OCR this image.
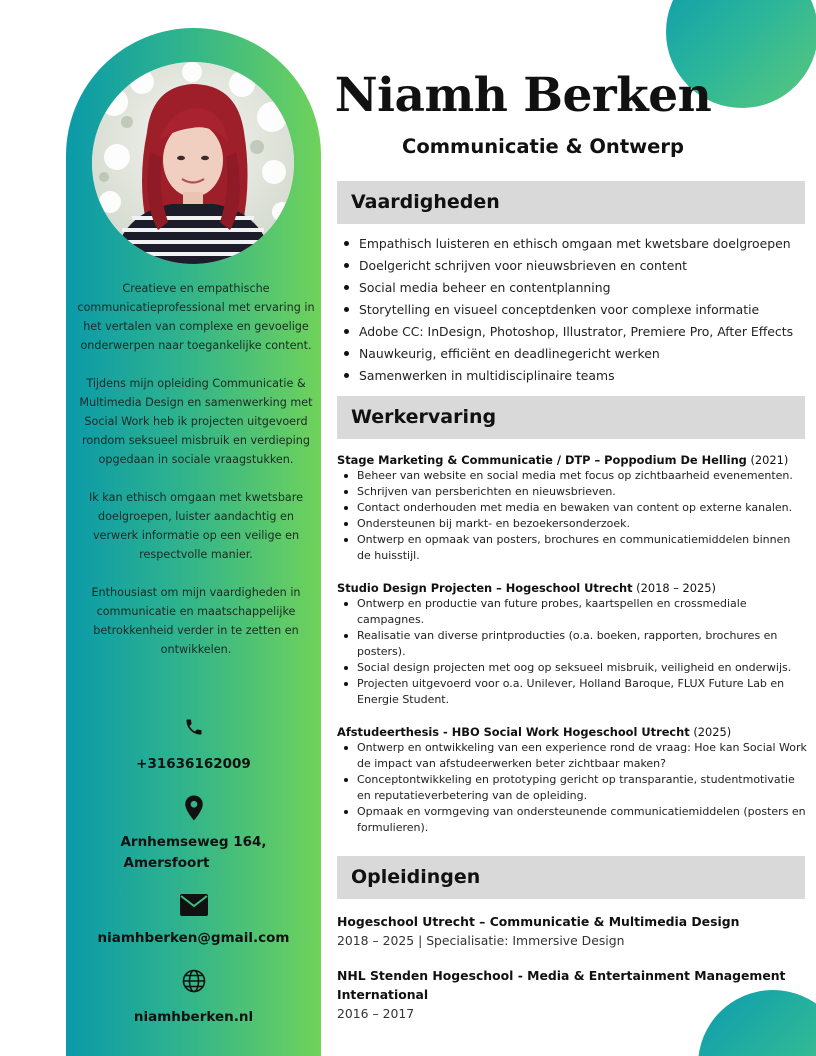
Creatieve en empathische communicatieprofessional met ervaring in het vertalen van complexe en gevoelige onderwerpen naar toegankelijke content.

Tijdens mijn opleiding Communicatie & Multimedia Design en samenwerking met Social Work heb ik projecten uitgevoerd rondom seksueel misbruik en verdieping opgedaan in sociale vraagstukken.

Ik kan ethisch omgaan met kwetsbare doelgroepen, luister aandachtig en verwerk informatie op een veilige en respectvolle manier.

Enthousiast om mijn vaardigheden in communicatie en maatschappelijke betrokkenheid verder in te zetten en ontwikkelen.

+31636162009
Arnhemseweg 164,
Amersfoort
niamhberken@gmail.com
niamhberken.nl
Niamh Berken
Communicatie & Ontwerp
Vaardigheden
Empathisch luisteren en ethisch omgaan met kwetsbare doelgroepen
Doelgericht schrijven voor nieuwsbrieven en content
Social media beheer en contentplanning
Storytelling en visueel conceptdenken voor complexe informatie
Adobe CC: InDesign, Photoshop, Illustrator, Premiere Pro, After Effects
Nauwkeurig, efficiënt en deadlinegericht werken
Samenwerken in multidisciplinaire teams
Werkervaring
Stage Marketing & Communicatie / DTP – Poppodium De Helling (2021)
Beheer van website en social media met focus op zichtbaarheid evenementen.
Schrijven van persberichten en nieuwsbrieven.
Contact onderhouden met media en bewaken van content op externe kanalen.
Ondersteunen bij markt- en bezoekersonderzoek.
Ontwerp en opmaak van posters, brochures en communicatiemiddelen binnen de huisstijl.
Studio Design Projecten – Hogeschool Utrecht (2018 – 2025)
Ontwerp en productie van future probes, kaartspellen en crossmediale campagnes.
Realisatie van diverse printproducties (o.a. boeken, rapporten, brochures en posters).
Social design projecten met oog op seksueel misbruik, veiligheid en onderwijs.
Projecten uitgevoerd voor o.a. Unilever, Holland Baroque, FLUX Future Lab en Energie Student.
Afstudeerthesis - HBO Social Work Hogeschool Utrecht (2025)
Ontwerp en ontwikkeling van een experience rond de vraag: Hoe kan Social Work de impact van afstudeerwerken beter zichtbaar maken?
Conceptontwikkeling en prototyping gericht op transparantie, studentmotivatie en reputatieverbetering van de opleiding.
Opmaak en vormgeving van ondersteunende communicatiemiddelen (posters en formulieren).
Opleidingen
Hogeschool Utrecht – Communicatie & Multimedia Design
2018 – 2025 | Specialisatie: Immersive Design
NHL Stenden Hogeschool - Media & Entertainment Management International
2016 – 2017
